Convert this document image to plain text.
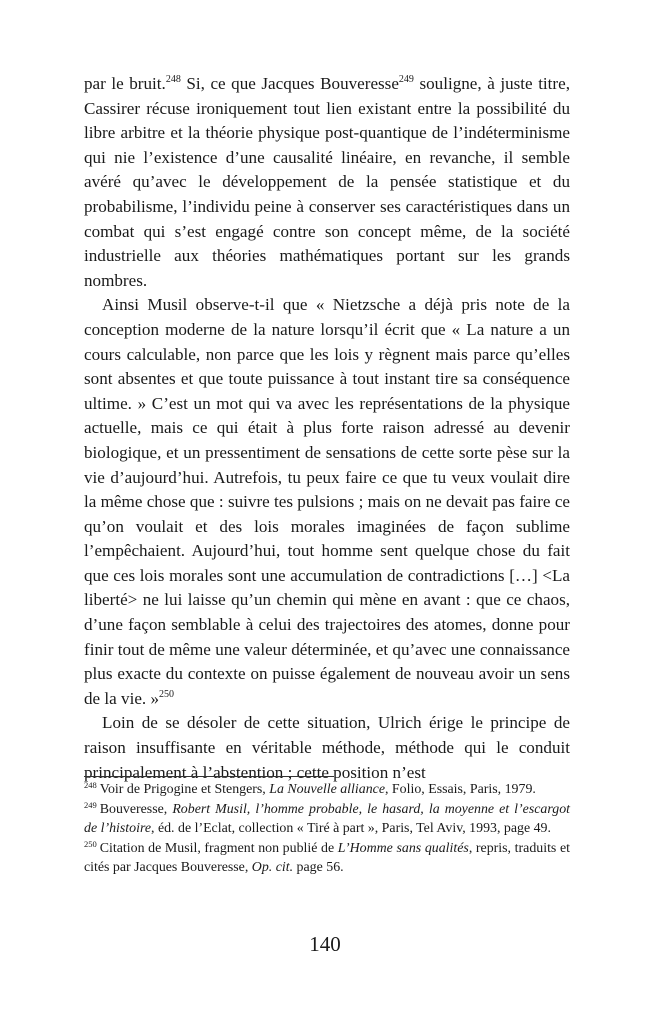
par le bruit.$^{248}$ Si, ce que Jacques Bouveresse$^{249}$ souligne, à juste titre, Cassirer récuse ironiquement tout lien existant entre la possibilité du libre arbitre et la théorie physique post-quantique de l’indéterminisme qui nie l’existence d’une causalité linéaire, en revanche, il semble avéré qu’avec le développement de la pensée statistique et du probabilisme, l’individu peine à conserver ses caractéristiques dans un combat qui s’est engagé contre son concept même, de la société industrielle aux théories mathématiques portant sur les grands nombres.

Ainsi Musil observe-t-il que « Nietzsche a déjà pris note de la conception moderne de la nature lorsqu’il écrit que « La nature a un cours calculable, non parce que les lois y règnent mais parce qu’elles sont absentes et que toute puissance à tout instant tire sa conséquence ultime. » C’est un mot qui va avec les représentations de la physique actuelle, mais ce qui était à plus forte raison adressé au devenir biologique, et un pressentiment de sensations de cette sorte pèse sur la vie d’aujourd’hui. Autrefois, tu peux faire ce que tu veux voulait dire la même chose que : suivre tes pulsions ; mais on ne devait pas faire ce qu’on voulait et des lois morales imaginées de façon sublime l’empêchaient. Aujourd’hui, tout homme sent quelque chose du fait que ces lois morales sont une accumulation de contradictions […] <La liberté> ne lui laisse qu’un chemin qui mène en avant : que ce chaos, d’une façon semblable à celui des trajectoires des atomes, donne pour finir tout de même une valeur déterminée, et qu’avec une connaissance plus exacte du contexte on puisse également de nouveau avoir un sens de la vie. »$^{250}$

Loin de se désoler de cette situation, Ulrich érige le principe de raison insuffisante en véritable méthode, méthode qui le conduit principalement à l’abstention ; cette position n’est

$^{248}$ Voir de Prigogine et Stengers, La Nouvelle alliance, Folio, Essais, Paris, 1979.

$^{249}$ Bouveresse, Robert Musil, l’homme probable, le hasard, la moyenne et l’escargot de l’histoire, éd. de l’Eclat, collection « Tiré à part », Paris, Tel Aviv, 1993, page 49.

$^{250}$ Citation de Musil, fragment non publié de L’Homme sans qualités, repris, traduits et cités par Jacques Bouveresse, Op. cit. page 56.

140
